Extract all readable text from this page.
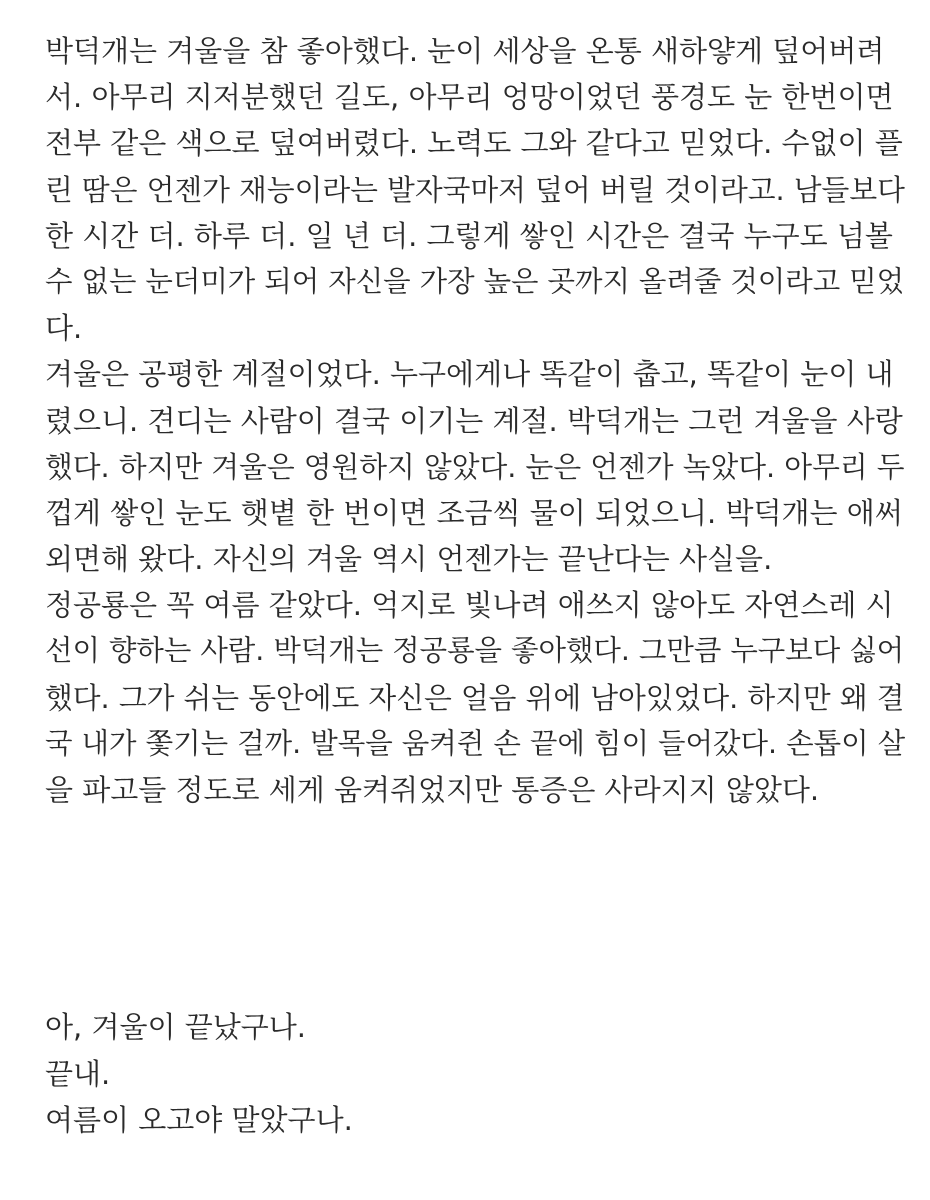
박덕개는 겨울을 참 좋아했다. 눈이 세상을 온통 새하얗게 덮어버려
서. 아무리 지저분했던 길도, 아무리 엉망이었던 풍경도 눈 한번이면
전부 같은 색으로 덮여버렸다. 노력도 그와 같다고 믿었다. 수없이 플
린 땀은 언젠가 재능이라는 발자국마저 덮어 버릴 것이라고. 남들보다
한 시간 더. 하루 더. 일 년 더. 그렇게 쌓인 시간은 결국 누구도 넘볼
수 없는 눈더미가 되어 자신을 가장 높은 곳까지 올려줄 것이라고 믿었
다.
겨울은 공평한 계절이었다. 누구에게나 똑같이 춥고, 똑같이 눈이 내
렸으니. 견디는 사람이 결국 이기는 계절. 박덕개는 그런 겨울을 사랑
했다. 하지만 겨울은 영원하지 않았다. 눈은 언젠가 녹았다. 아무리 두
껍게 쌓인 눈도 햇볕 한 번이면 조금씩 물이 되었으니. 박덕개는 애써
외면해 왔다. 자신의 겨울 역시 언젠가는 끝난다는 사실을.
정공룡은 꼭 여름 같았다. 억지로 빛나려 애쓰지 않아도 자연스레 시
선이 향하는 사람. 박덕개는 정공룡을 좋아했다. 그만큼 누구보다 싫어
했다. 그가 쉬는 동안에도 자신은 얼음 위에 남아있었다. 하지만 왜 결
국 내가 쫓기는 걸까. 발목을 움켜쥔 손 끝에 힘이 들어갔다. 손톱이 살
을 파고들 정도로 세게 움켜쥐었지만 통증은 사라지지 않았다.
아, 겨울이 끝났구나.
끝내.
여름이 오고야 말았구나.
